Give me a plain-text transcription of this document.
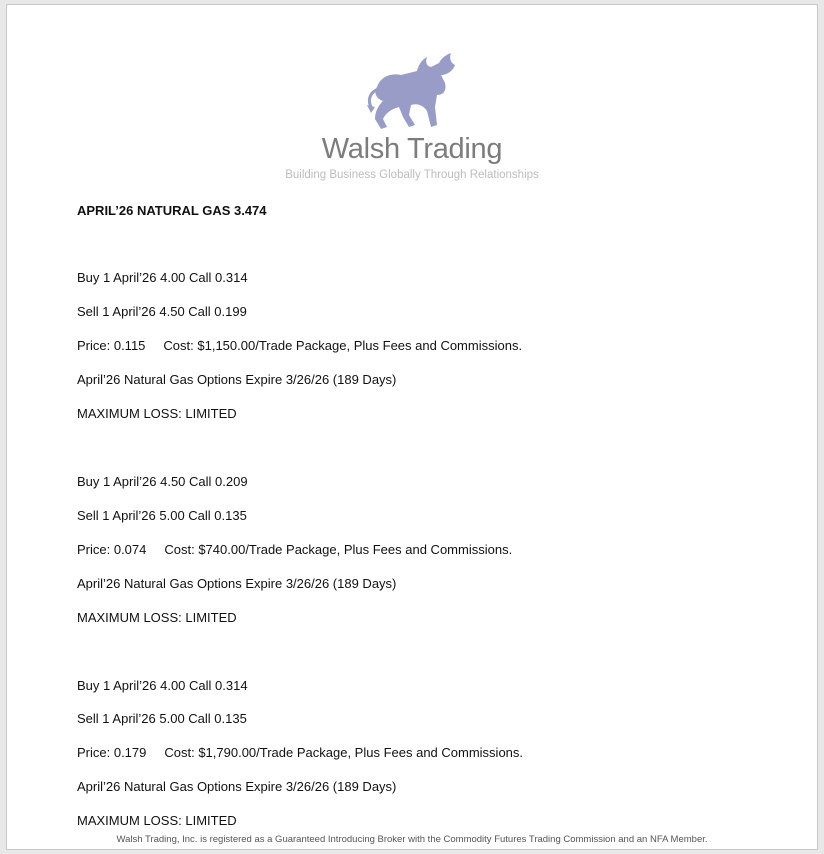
Walsh Trading
Building Business Globally Through Relationships
APRIL’26 NATURAL GAS 3.474
Buy 1 April’26 4.00 Call 0.314
Sell 1 April’26 4.50 Call 0.199
Price: 0.115 Cost: $1,150.00/Trade Package, Plus Fees and Commissions.
April’26 Natural Gas Options Expire 3/26/26 (189 Days)
MAXIMUM LOSS: LIMITED
Buy 1 April’26 4.50 Call 0.209
Sell 1 April’26 5.00 Call 0.135
Price: 0.074 Cost: $740.00/Trade Package, Plus Fees and Commissions.
April’26 Natural Gas Options Expire 3/26/26 (189 Days)
MAXIMUM LOSS: LIMITED
Buy 1 April’26 4.00 Call 0.314
Sell 1 April’26 5.00 Call 0.135
Price: 0.179 Cost: $1,790.00/Trade Package, Plus Fees and Commissions.
April’26 Natural Gas Options Expire 3/26/26 (189 Days)
MAXIMUM LOSS: LIMITED
Walsh Trading, Inc. is registered as a Guaranteed Introducing Broker with the Commodity Futures Trading Commission and an NFA Member.
